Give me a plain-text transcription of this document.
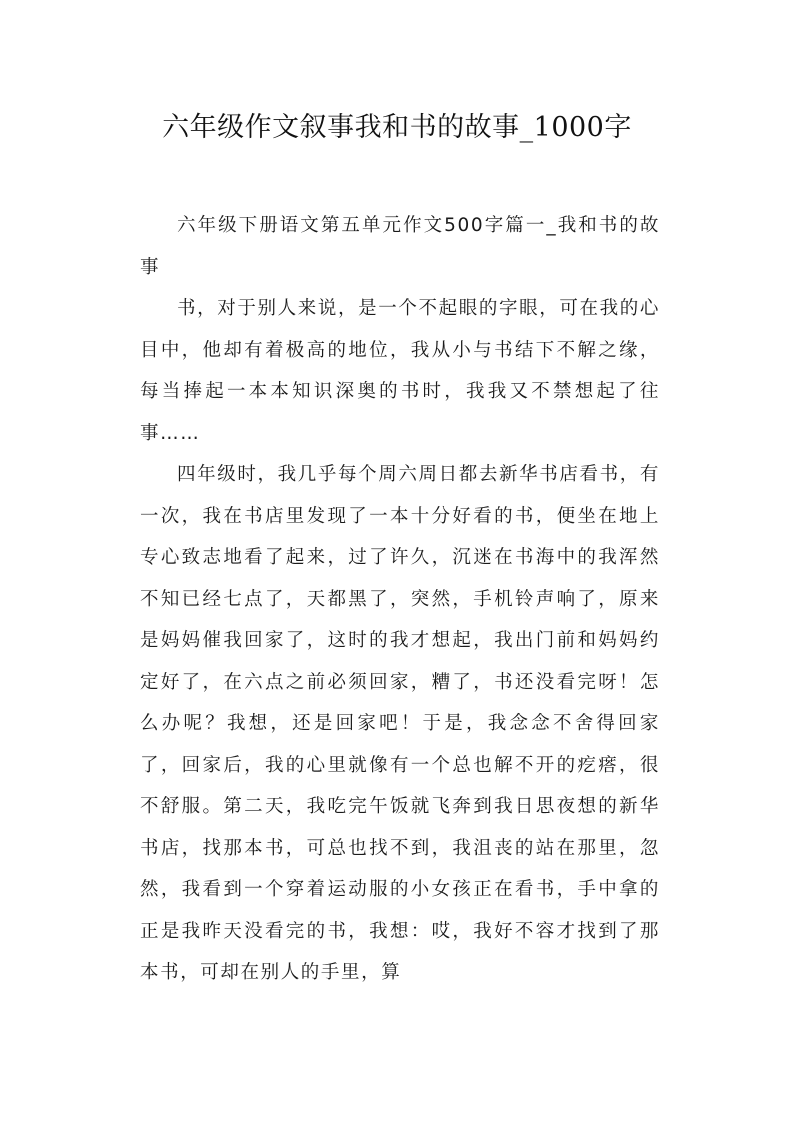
六年级作文叙事我和书的故事_1000字

六年级下册语文第五单元作文500字篇一_我和书的故事

书，对于别人来说，是一个不起眼的字眼，可在我的心目中，他却有着极高的地位，我从小与书结下不解之缘，每当捧起一本本知识深奥的书时，我我又不禁想起了往事……

四年级时，我几乎每个周六周日都去新华书店看书，有一次，我在书店里发现了一本十分好看的书，便坐在地上专心致志地看了起来，过了许久，沉迷在书海中的我浑然不知已经七点了，天都黑了，突然，手机铃声响了，原来是妈妈催我回家了，这时的我才想起，我出门前和妈妈约定好了，在六点之前必须回家，糟了，书还没看完呀！怎么办呢？我想，还是回家吧！于是，我念念不舍得回家了，回家后，我的心里就像有一个总也解不开的疙瘩，很不舒服。第二天，我吃完午饭就飞奔到我日思夜想的新华书店，找那本书，可总也找不到，我沮丧的站在那里，忽然，我看到一个穿着运动服的小女孩正在看书，手中拿的正是我昨天没看完的书，我想：哎，我好不容才找到了那本书，可却在别人的手里，算
